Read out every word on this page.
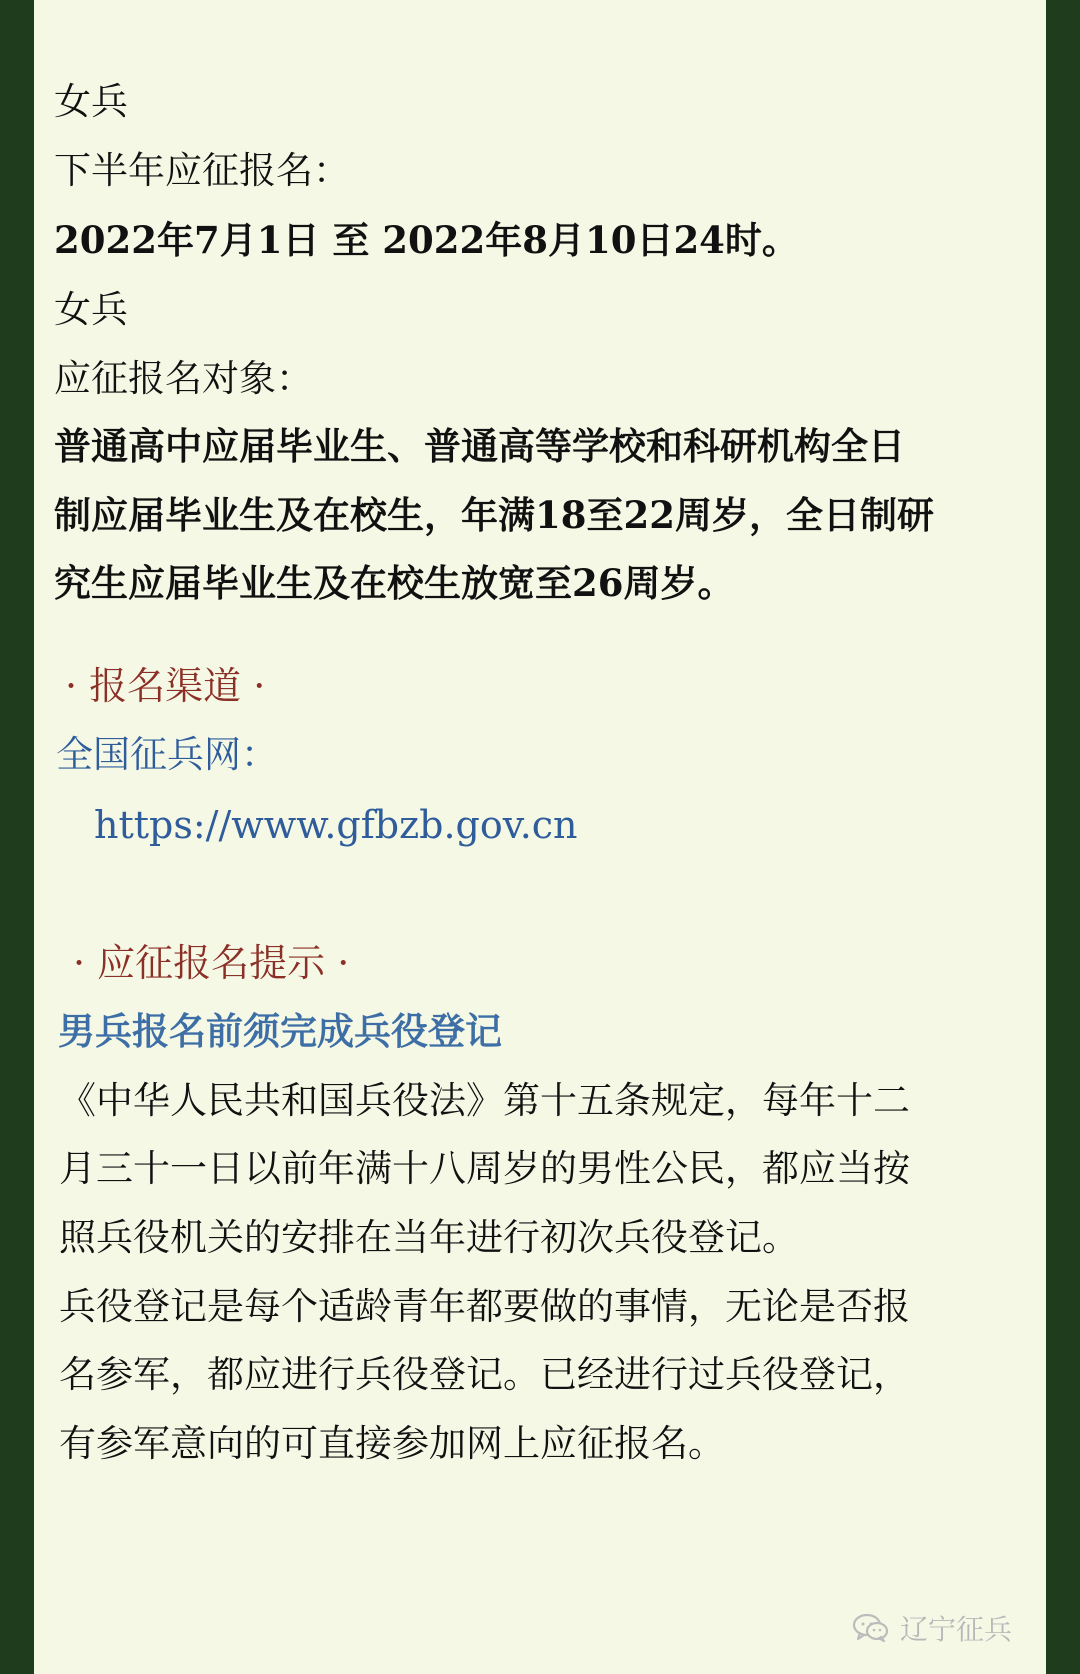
女兵
下半年应征报名：
2022年7月1日 至 2022年8月10日24时。
女兵
应征报名对象：
普通高中应届毕业生、普通高等学校和科研机构全日
制应届毕业生及在校生，年满18至22周岁，全日制研
究生应届毕业生及在校生放宽至26周岁。
· 报名渠道 ·
全国征兵网：
https://www.gfbzb.gov.cn
· 应征报名提示 ·
男兵报名前须完成兵役登记
《中华人民共和国兵役法》第十五条规定，每年十二
月三十一日以前年满十八周岁的男性公民，都应当按
照兵役机关的安排在当年进行初次兵役登记。
兵役登记是每个适龄青年都要做的事情，无论是否报
名参军，都应进行兵役登记。已经进行过兵役登记，
有参军意向的可直接参加网上应征报名。
辽宁征兵
